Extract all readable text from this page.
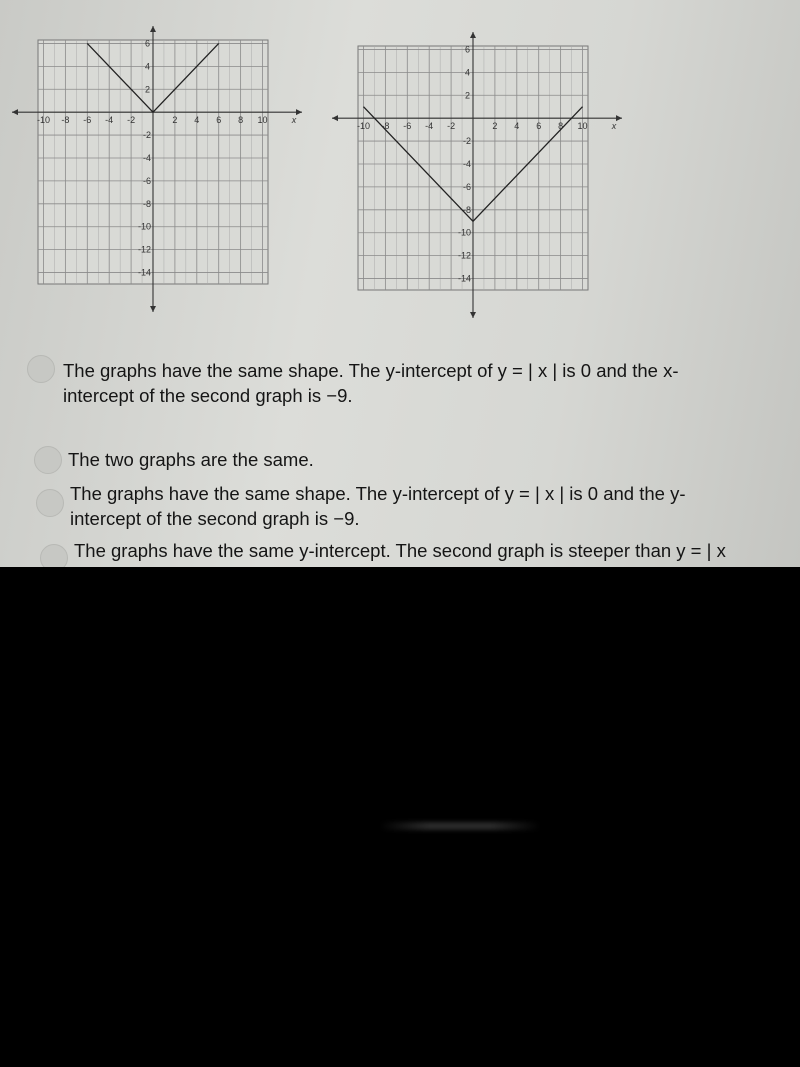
-10 -8 -6 -4 -2	2 4 6 8 10	x
2
4
6
-2
-4
-6
-8
-10
-12
-14
-10 -8 -6 -4 -2	2 4 6 8 10	x
2
4
6
-2
-4
-6
-8
-10
-12
-14
The graphs have the same shape. The y-intercept of y = | x | is 0 and the x-
intercept of the second graph is −9.
The two graphs are the same.
The graphs have the same shape. The y-intercept of y = | x | is 0 and the y-
intercept of the second graph is −9.
The graphs have the same y-intercept. The second graph is steeper than y = | x
